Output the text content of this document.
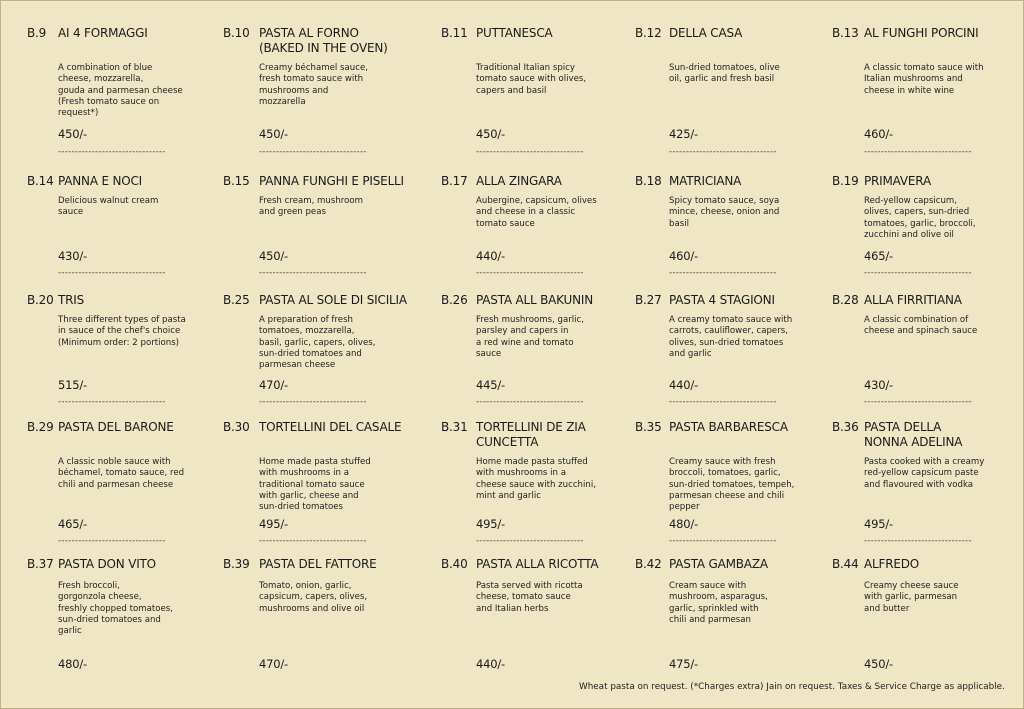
B.9 AI 4 FORMAGGI
A combination of blue
cheese, mozzarella,
gouda and parmesan cheese
(Fresh tomato sauce on
request*)
450/-
--------------------------------
B.10 PASTA AL FORNO
(BAKED IN THE OVEN)
Creamy béchamel sauce,
fresh tomato sauce with
mushrooms and
mozzarella
450/-
--------------------------------
B.11 PUTTANESCA
Traditional Italian spicy
tomato sauce with olives,
capers and basil
450/-
--------------------------------
B.12 DELLA CASA
Sun-dried tomatoes, olive
oil, garlic and fresh basil
425/-
--------------------------------
B.13 AL FUNGHI PORCINI
A classic tomato sauce with
Italian mushrooms and
cheese in white wine
460/-
--------------------------------
B.14 PANNA E NOCI
Delicious walnut cream
sauce
430/-
--------------------------------
B.15 PANNA FUNGHI E PISELLI
Fresh cream, mushroom
and green peas
450/-
--------------------------------
B.17 ALLA ZINGARA
Aubergine, capsicum, olives
and cheese in a classic
tomato sauce
440/-
--------------------------------
B.18 MATRICIANA
Spicy tomato sauce, soya
mince, cheese, onion and
basil
460/-
--------------------------------
B.19 PRIMAVERA
Red-yellow capsicum,
olives, capers, sun-dried
tomatoes, garlic, broccoli,
zucchini and olive oil
465/-
--------------------------------
B.20 TRIS
Three different types of pasta
in sauce of the chef's choice
(Minimum order: 2 portions)
515/-
--------------------------------
B.25 PASTA AL SOLE DI SICILIA
A preparation of fresh
tomatoes, mozzarella,
basil, garlic, capers, olives,
sun-dried tomatoes and
parmesan cheese
470/-
--------------------------------
B.26 PASTA ALL BAKUNIN
Fresh mushrooms, garlic,
parsley and capers in
a red wine and tomato
sauce
445/-
--------------------------------
B.27 PASTA 4 STAGIONI
A creamy tomato sauce with
carrots, cauliflower, capers,
olives, sun-dried tomatoes
and garlic
440/-
--------------------------------
B.28 ALLA FIRRITIANA
A classic combination of
cheese and spinach sauce
430/-
--------------------------------
B.29 PASTA DEL BARONE
A classic noble sauce with
béchamel, tomato sauce, red
chili and parmesan cheese
465/-
--------------------------------
B.30 TORTELLINI DEL CASALE
Home made pasta stuffed
with mushrooms in a
traditional tomato sauce
with garlic, cheese and
sun-dried tomatoes
495/-
--------------------------------
B.31 TORTELLINI DE ZIA
CUNCETTA
Home made pasta stuffed
with mushrooms in a
cheese sauce with zucchini,
mint and garlic
495/-
--------------------------------
B.35 PASTA BARBARESCA
Creamy sauce with fresh
broccoli, tomatoes, garlic,
sun-dried tomatoes, tempeh,
parmesan cheese and chili
pepper
480/-
--------------------------------
B.36 PASTA DELLA
NONNA ADELINA
Pasta cooked with a creamy
red-yellow capsicum paste
and flavoured with vodka
495/-
--------------------------------
B.37 PASTA DON VITO
Fresh broccoli,
gorgonzola cheese,
freshly chopped tomatoes,
sun-dried tomatoes and
garlic
480/-
B.39 PASTA DEL FATTORE
Tomato, onion, garlic,
capsicum, capers, olives,
mushrooms and olive oil
470/-
B.40 PASTA ALLA RICOTTA
Pasta served with ricotta
cheese, tomato sauce
and Italian herbs
440/-
B.42 PASTA GAMBAZA
Cream sauce with
mushroom, asparagus,
garlic, sprinkled with
chili and parmesan
475/-
B.44 ALFREDO
Creamy cheese sauce
with garlic, parmesan
and butter
450/-
Wheat pasta on request. (*Charges extra) Jain on request. Taxes & Service Charge as applicable.
